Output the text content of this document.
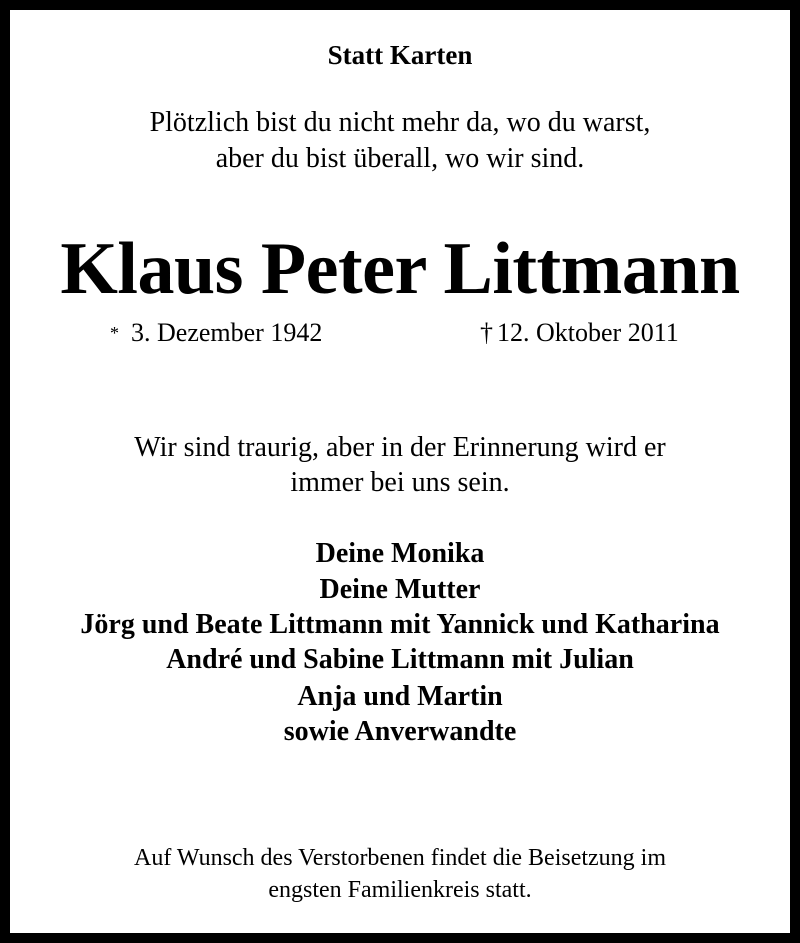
Statt Karten
Plötzlich bist du nicht mehr da, wo du warst,
aber du bist überall, wo wir sind.
Klaus Peter Littmann
* 3. Dezember 1942	† 12. Oktober 2011
Wir sind traurig, aber in der Erinnerung wird er
immer bei uns sein.
Deine Monika
Deine Mutter
Jörg und Beate Littmann mit Yannick und Katharina
André und Sabine Littmann mit Julian
Anja und Martin
sowie Anverwandte
Auf Wunsch des Verstorbenen findet die Beisetzung im
engsten Familienkreis statt.
